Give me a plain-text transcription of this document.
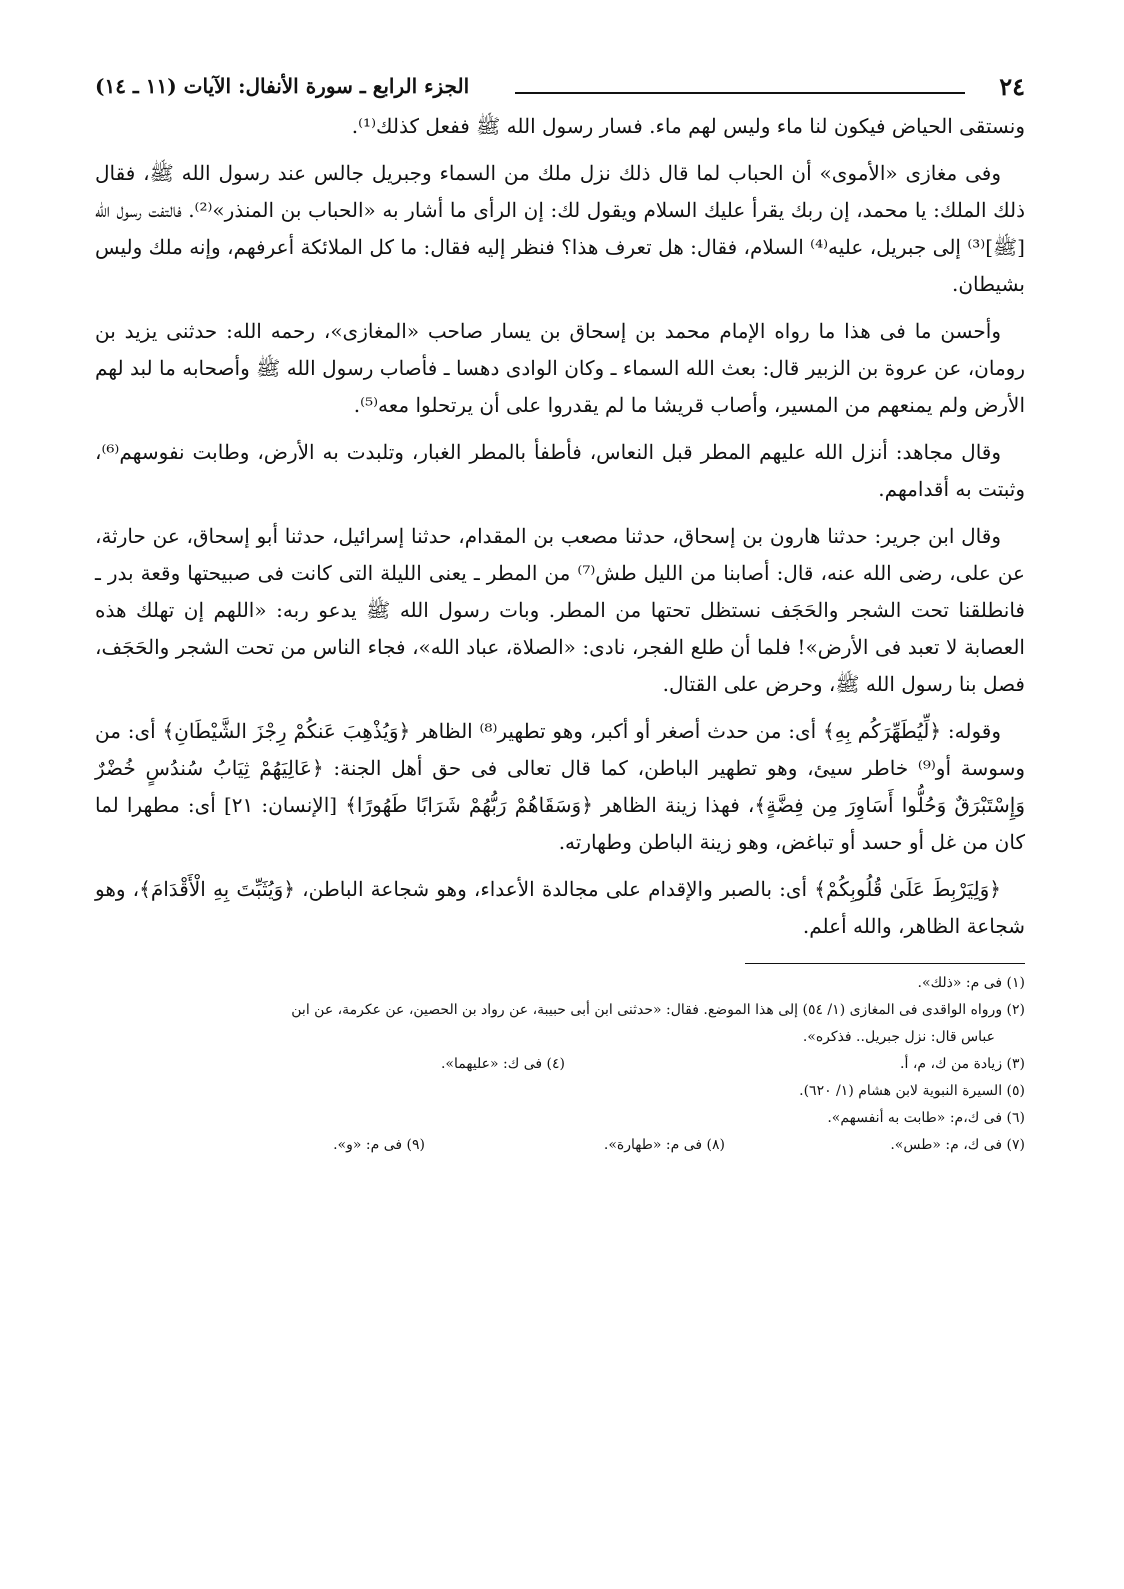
٢٤
الجزء الرابع ـ سورة الأنفال: الآيات (١١ ـ ١٤)

ونستقى الحياض فيكون لنا ماء وليس لهم ماء. فسار رسول الله ﷺ ففعل كذلك⁽¹⁾.

وفى مغازى «الأموى» أن الحباب لما قال ذلك نزل ملك من السماء وجبريل جالس عند رسول الله ﷺ، فقال ذلك الملك: يا محمد، إن ربك يقرأ عليك السلام ويقول لك: إن الرأى ما أشار به «الحباب بن المنذر»⁽²⁾. فالتفت رسول الله [ﷺ]⁽³⁾ إلى جبريل، عليه⁽⁴⁾ السلام، فقال: هل تعرف هذا؟ فنظر إليه فقال: ما كل الملائكة أعرفهم، وإنه ملك وليس بشيطان.

وأحسن ما فى هذا ما رواه الإمام محمد بن إسحاق بن يسار صاحب «المغازى»، رحمه الله: حدثنى يزيد بن رومان، عن عروة بن الزبير قال: بعث الله السماء ـ وكان الوادى دهسا ـ فأصاب رسول الله ﷺ وأصحابه ما لبد لهم الأرض ولم يمنعهم من المسير، وأصاب قريشا ما لم يقدروا على أن يرتحلوا معه⁽⁵⁾.

وقال مجاهد: أنزل الله عليهم المطر قبل النعاس، فأطفأ بالمطر الغبار، وتلبدت به الأرض، وطابت نفوسهم⁽⁶⁾، وثبتت به أقدامهم.

وقال ابن جرير: حدثنا هارون بن إسحاق، حدثنا مصعب بن المقدام، حدثنا إسرائيل، حدثنا أبو إسحاق، عن حارثة، عن على، رضى الله عنه، قال: أصابنا من الليل طش⁽⁷⁾ من المطر ـ يعنى الليلة التى كانت فى صبيحتها وقعة بدر ـ فانطلقنا تحت الشجر والحَجَف نستظل تحتها من المطر. وبات رسول الله ﷺ يدعو ربه: «اللهم إن تهلك هذه العصابة لا تعبد فى الأرض»! فلما أن طلع الفجر، نادى: «الصلاة، عباد الله»، فجاء الناس من تحت الشجر والحَجَف، فصل بنا رسول الله ﷺ، وحرض على القتال.

وقوله: ﴿لِّيُطَهِّرَكُم بِهِ﴾ أى: من حدث أصغر أو أكبر، وهو تطهير⁽⁸⁾ الظاهر ﴿وَيُذْهِبَ عَنكُمْ رِجْزَ الشَّيْطَانِ﴾ أى: من وسوسة أو⁽⁹⁾ خاطر سيئ، وهو تطهير الباطن، كما قال تعالى فى حق أهل الجنة: ﴿عَالِيَهُمْ ثِيَابُ سُندُسٍ خُضْرٌ وَإِسْتَبْرَقٌ وَحُلُّوا أَسَاوِرَ مِن فِضَّةٍ﴾، فهذا زينة الظاهر ﴿وَسَقَاهُمْ رَبُّهُمْ شَرَابًا طَهُورًا﴾ [الإنسان: ٢١] أى: مطهرا لما كان من غل أو حسد أو تباغض، وهو زينة الباطن وطهارته.

﴿وَلِيَرْبِطَ عَلَىٰ قُلُوبِكُمْ﴾ أى: بالصبر والإقدام على مجالدة الأعداء، وهو شجاعة الباطن، ﴿وَيُثَبِّتَ بِهِ الْأَقْدَامَ﴾، وهو شجاعة الظاهر، والله أعلم.

(١) فى م: «ذلك».
(٢) ورواه الواقدى فى المغازى (١/ ٥٤) إلى هذا الموضع. فقال: «حدثنى ابن أبى حبيبة، عن رواد بن الحصين، عن عكرمة، عن ابن
عباس قال: نزل جبريل.. فذكره».
(٣) زيادة من ك، م، أ.
(٤) فى ك: «عليهما».
(٥) السيرة النبوية لابن هشام (١/ ٦٢٠).
(٦) فى ك،م: «طابت به أنفسهم».
(٧) فى ك، م: «طس».
(٨) فى م: «طهارة».
(٩) فى م: «و».
